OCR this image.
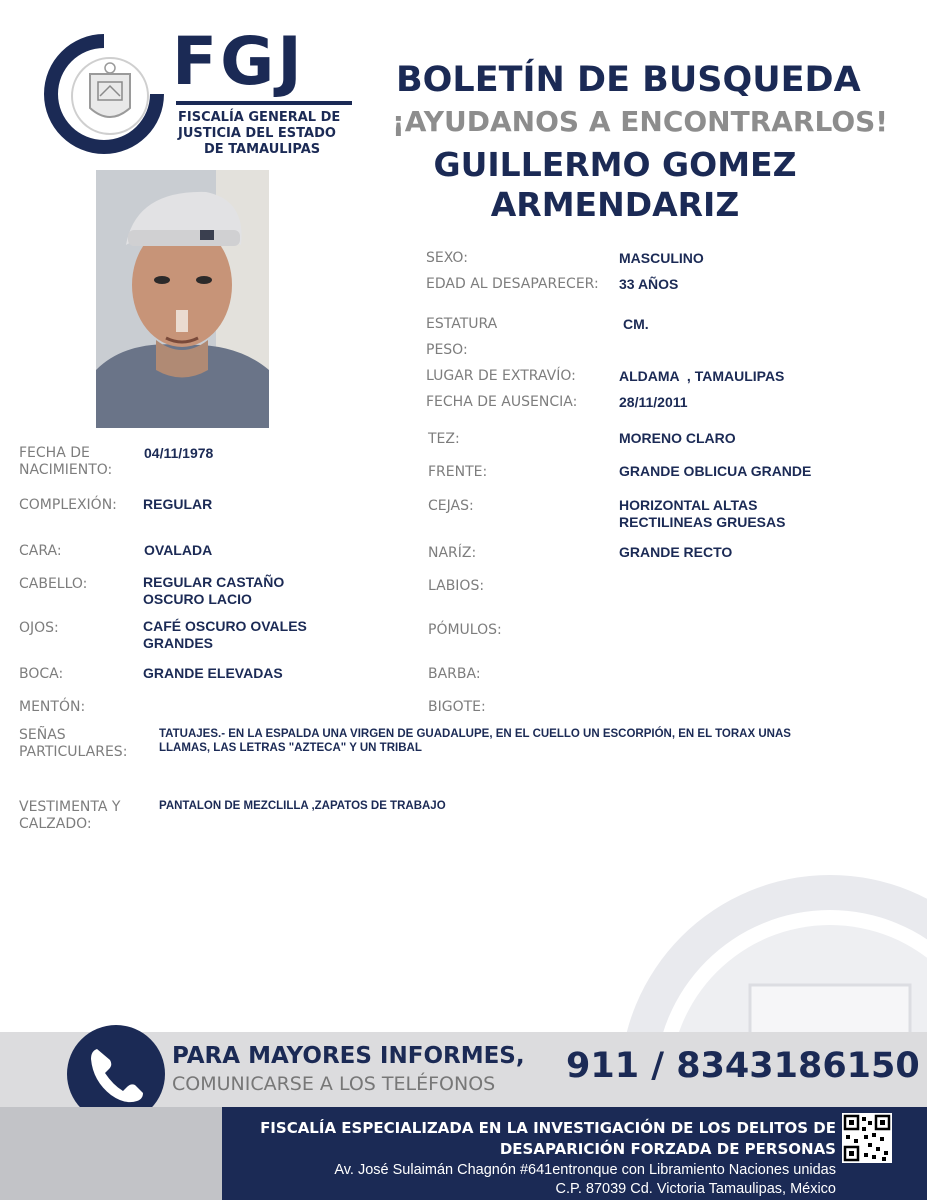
FGJ
FISCALÍA GENERAL DE
JUSTICIA DEL ESTADO
DE TAMAULIPAS
BOLETÍN DE BUSQUEDA
¡AYUDANOS A ENCONTRARLOS!
GUILLERMO GOMEZ
ARMENDARIZ
SEXO:	MASCULINO
EDAD AL DESAPARECER: 33 AÑOS
ESTATURA	CM.
PESO:
LUGAR DE EXTRAVÍO:	ALDAMA  , TAMAULIPAS
FECHA DE AUSENCIA:	28/11/2011
TEZ:	MORENO CLARO
FRENTE:	GRANDE OBLICUA GRANDE
CEJAS:	HORIZONTAL ALTAS
RECTILINEAS GRUESAS
NARÍZ:	GRANDE RECTO
LABIOS:
PÓMULOS:
BARBA:
BIGOTE:
FECHA DE
NACIMIENTO:
04/11/1978
COMPLEXIÓN: REGULAR
CARA:	OVALADA
CABELLO:	REGULAR CASTAÑO
OSCURO LACIO
OJOS:	CAFÉ OSCURO OVALES
GRANDES
BOCA:	GRANDE ELEVADAS
MENTÓN:
SEÑAS
PARTICULARES:
TATUAJES.- EN LA ESPALDA UNA VIRGEN DE GUADALUPE, EN EL CUELLO UN ESCORPIÓN, EN EL TORAX UNAS
LLAMAS, LAS LETRAS "AZTECA" Y UN TRIBAL
VESTIMENTA Y
CALZADO:
PANTALON DE MEZCLILLA ,ZAPATOS DE TRABAJO
PARA MAYORES INFORMES,
COMUNICARSE A LOS TELÉFONOS 911 / 8343186150
FISCALÍA ESPECIALIZADA EN LA INVESTIGACIÓN DE LOS DELITOS DE
DESAPARICIÓN FORZADA DE PERSONAS
Av. José Sulaimán Chagnón #641entronque con Libramiento Naciones unidas
C.P. 87039 Cd. Victoria Tamaulipas, México
